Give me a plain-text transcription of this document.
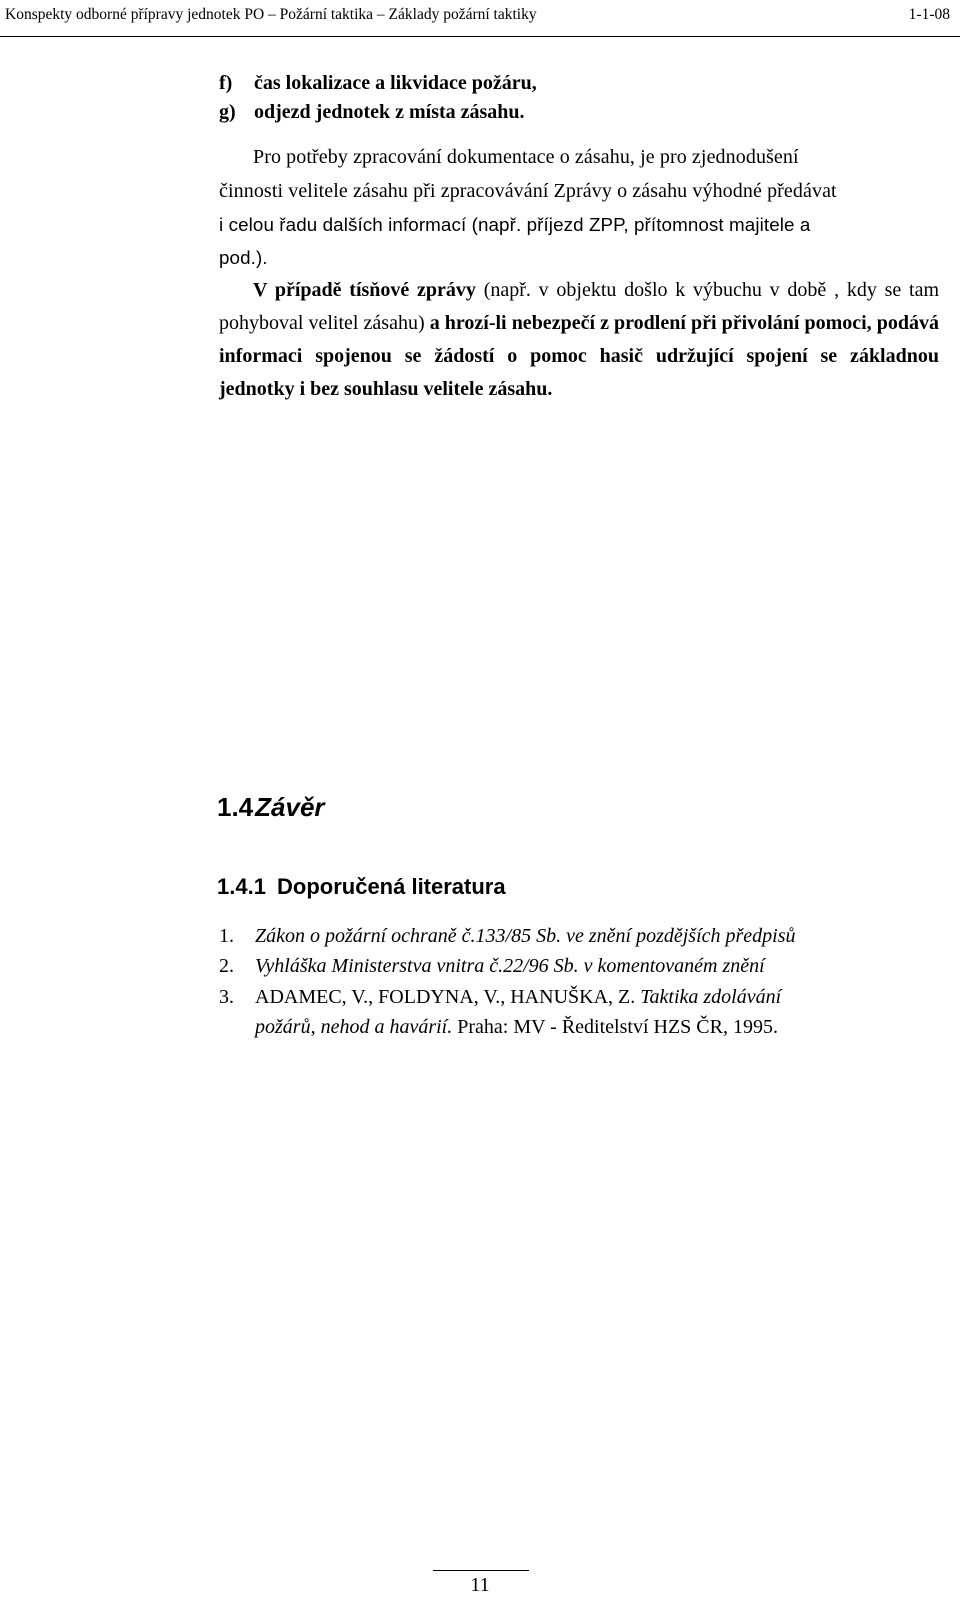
Konspekty odborné přípravy jednotek PO – Požární taktika – Základy požární taktiky	1-1-08
f) čas lokalizace a likvidace požáru,
g) odjezd jednotek z místa zásahu.
Pro potřeby zpracování dokumentace o zásahu, je pro zjednodušení
činnosti velitele zásahu při zpracovávání Zprávy o zásahu výhodné předávat
i celou řadu dalších informací (např. příjezd ZPP, přítomnost majitele a
pod.).

V případě tísňové zprávy (např. v objektu došlo k výbuchu v době , kdy se tam pohyboval velitel zásahu) a hrozí-li nebezpečí z prodlení při přivolání pomoci, podává informaci spojenou se žádostí o pomoc hasič udržující spojení se základnou jednotky i bez souhlasu velitele zásahu.

1.4Závěr
1.4.1 Doporučená literatura
1. Zákon o požární ochraně č.133/85 Sb. ve znění pozdějších předpisů
2. Vyhláška Ministerstva vnitra č.22/96 Sb. v komentovaném znění
3. ADAMEC, V., FOLDYNA, V., HANUŠKA, Z. Taktika zdolávání
požárů, nehod a havárií. Praha: MV - Ředitelství HZS ČR, 1995.
11
